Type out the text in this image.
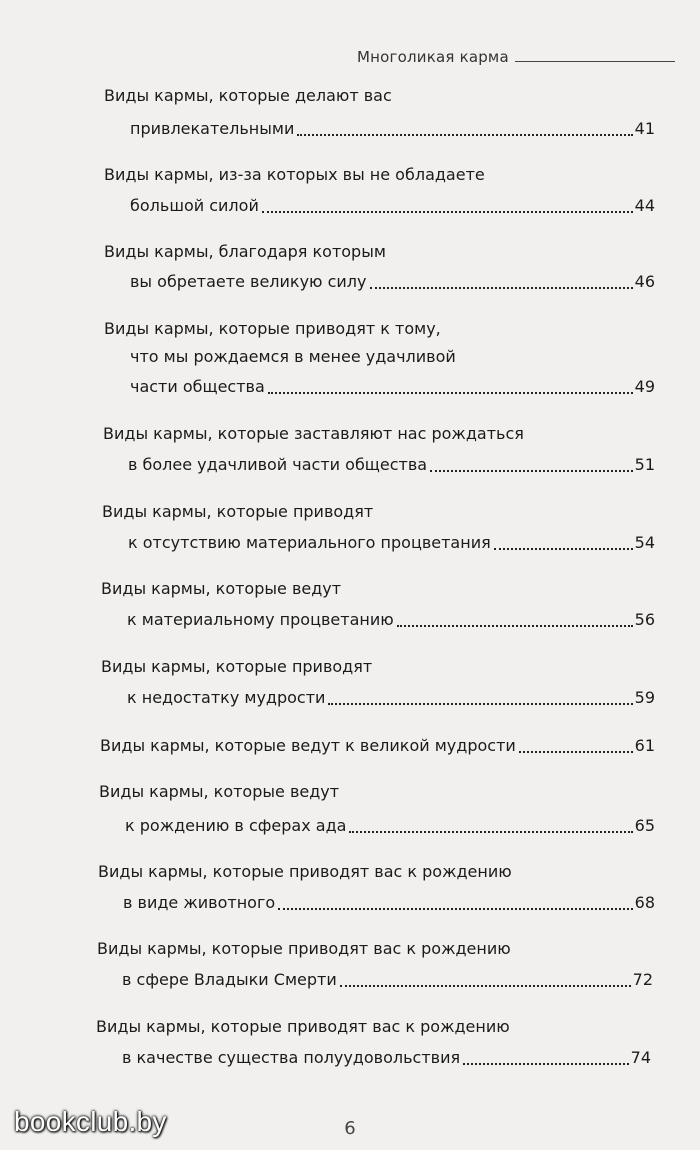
Многоликая карма
Виды кармы, которые делают вас
привлекательными	41
Виды кармы, из-за которых вы не обладаете
большой силой	44
Виды кармы, благодаря которым
вы обретаете великую силу	46
Виды кармы, которые приводят к тому,
что мы рождаемся в менее удачливой
части общества	49
Виды кармы, которые заставляют нас рождаться
в более удачливой части общества	51
Виды кармы, которые приводят
к отсутствию материального процветания	54
Виды кармы, которые ведут
к материальному процветанию	56
Виды кармы, которые приводят
к недостатку мудрости	59
Виды кармы, которые ведут к великой мудрости	61
Виды кармы, которые ведут
к рождению в сферах ада	65
Виды кармы, которые приводят вас к рождению
в виде животного	68
Виды кармы, которые приводят вас к рождению
в сфере Владыки Смерти	72
Виды кармы, которые приводят вас к рождению
в качестве существа полуудовольствия	74
6
bookclub.by
